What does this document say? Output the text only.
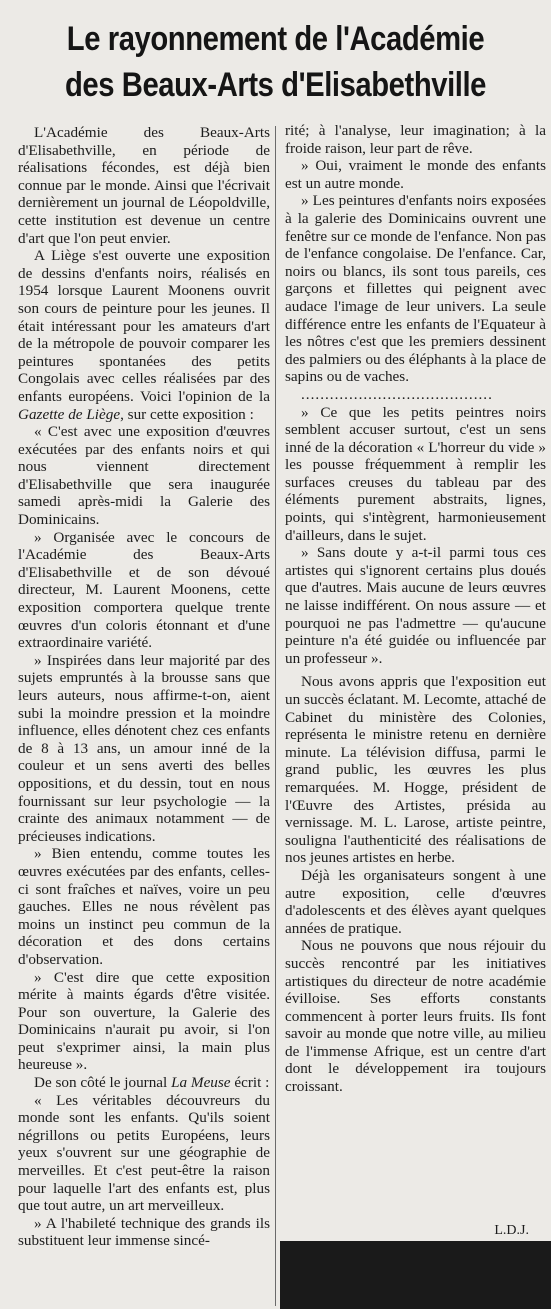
Le rayonnement de l'Académie
des Beaux-Arts d'Elisabethville

L'Académie des Beaux-Arts d'Elisabethville, en période de réalisations fécondes, est déjà bien connue par le monde. Ainsi que l'écrivait dernièrement un journal de Léopoldville, cette institution est devenue un centre d'art que l'on peut envier.

A Liège s'est ouverte une exposition de dessins d'enfants noirs, réalisés en 1954 lorsque Laurent Moonens ouvrit son cours de peinture pour les jeunes. Il était intéressant pour les amateurs d'art de la métropole de pouvoir comparer les peintures spontanées des petits Congolais avec celles réalisées par des enfants européens. Voici l'opinion de la Gazette de Liège, sur cette exposition :

« C'est avec une exposition d'œuvres exécutées par des enfants noirs et qui nous viennent directement d'Elisabethville que sera inaugurée samedi après-midi la Galerie des Dominicains.

» Organisée avec le concours de l'Académie des Beaux-Arts d'Elisabethville et de son dévoué directeur, M. Laurent Moonens, cette exposition comportera quelque trente œuvres d'un coloris étonnant et d'une extraordinaire variété.

» Inspirées dans leur majorité par des sujets empruntés à la brousse sans que leurs auteurs, nous affirme-t-on, aient subi la moindre pression et la moindre influence, elles dénotent chez ces enfants de 8 à 13 ans, un amour inné de la couleur et un sens averti des belles oppositions, et du dessin, tout en nous fournissant sur leur psychologie — la crainte des animaux notamment — de précieuses indications.

» Bien entendu, comme toutes les œuvres exécutées par des enfants, celles-ci sont fraîches et naïves, voire un peu gauches. Elles ne nous révèlent pas moins un instinct peu commun de la décoration et des dons certains d'observation.

» C'est dire que cette exposition mérite à maints égards d'être visitée. Pour son ouverture, la Galerie des Dominicains n'aurait pu avoir, si l'on peut s'exprimer ainsi, la main plus heureuse ».

De son côté le journal La Meuse écrit :

« Les véritables découvreurs du monde sont les enfants. Qu'ils soient négrillons ou petits Européens, leurs yeux s'ouvrent sur une géographie de merveilles. Et c'est peut-être la raison pour laquelle l'art des enfants est, plus que tout autre, un art merveilleux.

» A l'habileté technique des grands ils substituent leur immense sincé-

rité; à l'analyse, leur imagination; à la froide raison, leur part de rêve.

» Oui, vraiment le monde des enfants est un autre monde.

» Les peintures d'enfants noirs exposées à la galerie des Dominicains ouvrent une fenêtre sur ce monde de l'enfance. Non pas de l'enfance congolaise. De l'enfance. Car, noirs ou blancs, ils sont tous pareils, ces garçons et fillettes qui peignent avec audace l'image de leur univers. La seule différence entre les enfants de l'Equateur à les nôtres c'est que les premiers dessinent des palmiers ou des éléphants à la place de sapins ou de vaches.

........................................

» Ce que les petits peintres noirs semblent accuser surtout, c'est un sens inné de la décoration « L'horreur du vide » les pousse fréquemment à remplir les surfaces creuses du tableau par des éléments purement abstraits, lignes, points, qui s'intègrent, harmonieusement d'ailleurs, dans le sujet.

» Sans doute y a-t-il parmi tous ces artistes qui s'ignorent certains plus doués que d'autres. Mais aucune de leurs œuvres ne laisse indifférent. On nous assure — et pourquoi ne pas l'admettre — qu'aucune peinture n'a été guidée ou influencée par un professeur ».

Nous avons appris que l'exposition eut un succès éclatant. M. Lecomte, attaché de Cabinet du ministère des Colonies, représenta le ministre retenu en dernière minute. La télévision diffusa, parmi le grand public, les œuvres les plus remarquées. M. Hogge, président de l'Œuvre des Artistes, présida au vernissage. M. L. Larose, artiste peintre, souligna l'authenticité des réalisations de nos jeunes artistes en herbe.

Déjà les organisateurs songent à une autre exposition, celle d'œuvres d'adolescents et des élèves ayant quelques années de pratique.

Nous ne pouvons que nous réjouir du succès rencontré par les initiatives artistiques du directeur de notre académie évilloise. Ses efforts constants commencent à porter leurs fruits. Ils font savoir au monde que notre ville, au milieu de l'immense Afrique, est un centre d'art dont le développement ira toujours croissant.

L.D.J.
